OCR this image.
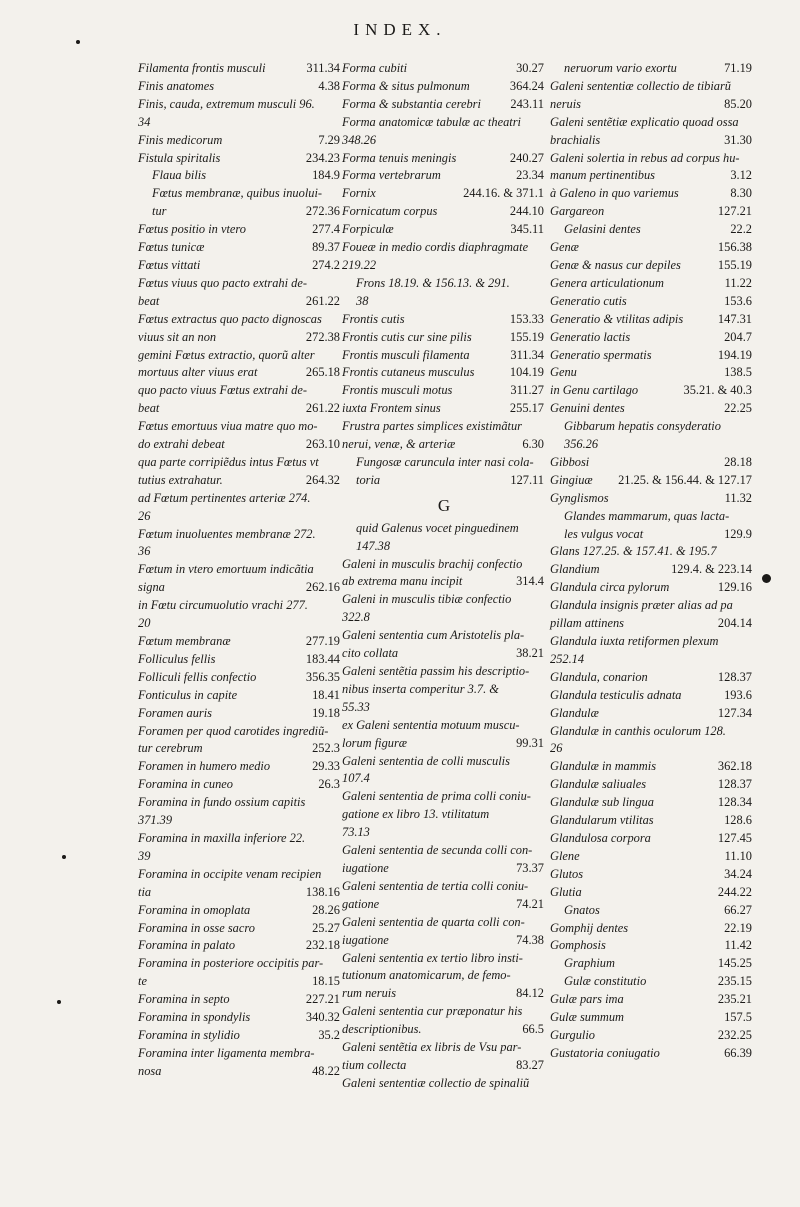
INDEX.
Filamenta frontis musculi	311.34
Finis anatomes	4.38
Finis, cauda, extremum musculi 96.
34
Finis medicorum	7.29
Fistula spiritalis	234.23
Flaua bilis	184.9
Fœtus membranæ, quibus inuolui-
tur	272.36
Fœtus positio in vtero	277.4
Fœtus tunicæ	89.37
Fœtus vittati	274.2
Fœtus viuus quo pacto extrahi de-
beat	261.22
Fœtus extractus quo pacto dignoscas
viuus sit an non	272.38
gemini Fœtus extractio, quorũ alter
mortuus alter viuus erat	265.18
quo pacto viuus Fœtus extrahi de-
beat	261.22
Fœtus emortuus viua matre quo mo-
do extrahi debeat	263.10
qua parte corripiẽdus intus Fœtus vt
tutius extrahatur.	264.32
ad Fœtum pertinentes arteriæ 274.
26
Fœtum inuoluentes membranæ 272.
36
Fœtum in vtero emortuum indicãtia
signa	262.16
in Fœtu circumuolutio vrachi 277.
20
Fœtum membranæ	277.19
Folliculus fellis	183.44
Folliculi fellis confectio	356.35
Fonticulus in capite	18.41
Foramen auris	19.18
Foramen per quod carotides ingrediũ-
tur cerebrum	252.3
Foramen in humero medio	29.33
Foramina in cuneo	26.3
Foramina in fundo ossium capitis
371.39
Foramina in maxilla inferiore 22.
39
Foramina in occipite venam recipien
tia	138.16
Foramina in omoplata	28.26
Foramina in osse sacro	25.27
Foramina in palato	232.18
Foramina in posteriore occipitis par-
te	18.15
Foramina in septo	227.21
Foramina in spondylis	340.32
Foramina in stylidio	35.2
Foramina inter ligamenta membra-
nosa	48.22
Forma cubiti	30.27
Forma & situs pulmonum	364.24
Forma & substantia cerebri 243.11
Forma anatomicæ tabulæ ac theatri
348.26
Forma tenuis meningis	240.27
Forma vertebrarum	23.34
Fornix	244.16. & 371.1
Fornicatum corpus	244.10
Forpiculæ	345.11
Foueæ in medio cordis diaphragmate
219.22
Frons 18.19. & 156.13. & 291.
38
Frontis cutis	153.33
Frontis cutis cur sine pilis	155.19
Frontis musculi filamenta	311.34
Frontis cutaneus musculus	104.19
Frontis musculi motus	311.27
iuxta Frontem sinus	255.17
Frustra partes simplices existimãtur
nerui, venæ, & arteriæ	6.30
Fungosæ caruncula inter nasi cola-
toria	127.11
G
quid Galenus vocet pinguedinem
147.38
Galeni in musculis brachij confectio
ab extrema manu incipit	314.4
Galeni in musculis tibiæ confectio
322.8
Galeni sententia cum Aristotelis pla-
cito collata	38.21
Galeni sentẽtia passim his descriptio-
nibus inserta comperitur 3.7. &
55.33
ex Galeni sententia motuum muscu-
lorum figuræ	99.31
Galeni sententia de colli musculis
107.4
Galeni sententia de prima colli coniu-
gatione ex libro 13. vtilitatum
73.13
Galeni sententia de secunda colli con-
iugatione	73.37
Galeni sententia de tertia colli coniu-
gatione	74.21
Galeni sententia de quarta colli con-
iugatione	74.38
Galeni sententia ex tertio libro insti-
tutionum anatomicarum, de femo-
rum neruis	84.12
Galeni sententia cur præponatur his
descriptionibus.	66.5
Galeni sentẽtia ex libris de Vsu par-
tium collecta	83.27
Galeni sententiæ collectio de spinaliũ
neruorum vario exortu	71.19
Galeni sententiæ collectio de tibiarũ
neruis	85.20
Galeni sentẽtiæ explicatio quoad ossa
brachialis	31.30
Galeni solertia in rebus ad corpus hu-
manum pertinentibus	3.12
à Galeno in quo variemus	8.30
Gargareon	127.21
Gelasini dentes	22.2
Genæ	156.38
Genæ & nasus cur depiles	155.19
Genera articulationum	11.22
Generatio cutis	153.6
Generatio & vtilitas adipis	147.31
Generatio lactis	204.7
Generatio spermatis	194.19
Genu	138.5
in Genu cartilago	35.21. & 40.3
Genuini dentes	22.25
Gibbarum hepatis consyderatio
356.26
Gibbosi	28.18
Gingiuæ 21.25. & 156.44. & 127.17
Gynglismos	11.32
Glandes mammarum, quas lacta-
les vulgus vocat	129.9
Glans 127.25. & 157.41. & 195.7
Glandium	129.4. & 223.14
Glandula circa pylorum	129.16
Glandula insignis præter alias ad pa
pillam attinens	204.14
Glandula iuxta retiformen plexum
252.14
Glandula, conarion	128.37
Glandula testiculis adnata	193.6
Glandulæ	127.34
Glandulæ in canthis oculorum 128.
26
Glandulæ in mammis	362.18
Glandulæ saliuales	128.37
Glandulæ sub lingua	128.34
Glandularum vtilitas	128.6
Glandulosa corpora	127.45
Glene	11.10
Glutos	34.24
Glutia	244.22
Gnatos	66.27
Gomphij dentes	22.19
Gomphosis	11.42
Graphium	145.25
Gulæ constitutio	235.15
Gulæ pars ima	235.21
Gulæ summum	157.5
Gurgulio	232.25
Gustatoria coniugatio	66.39
